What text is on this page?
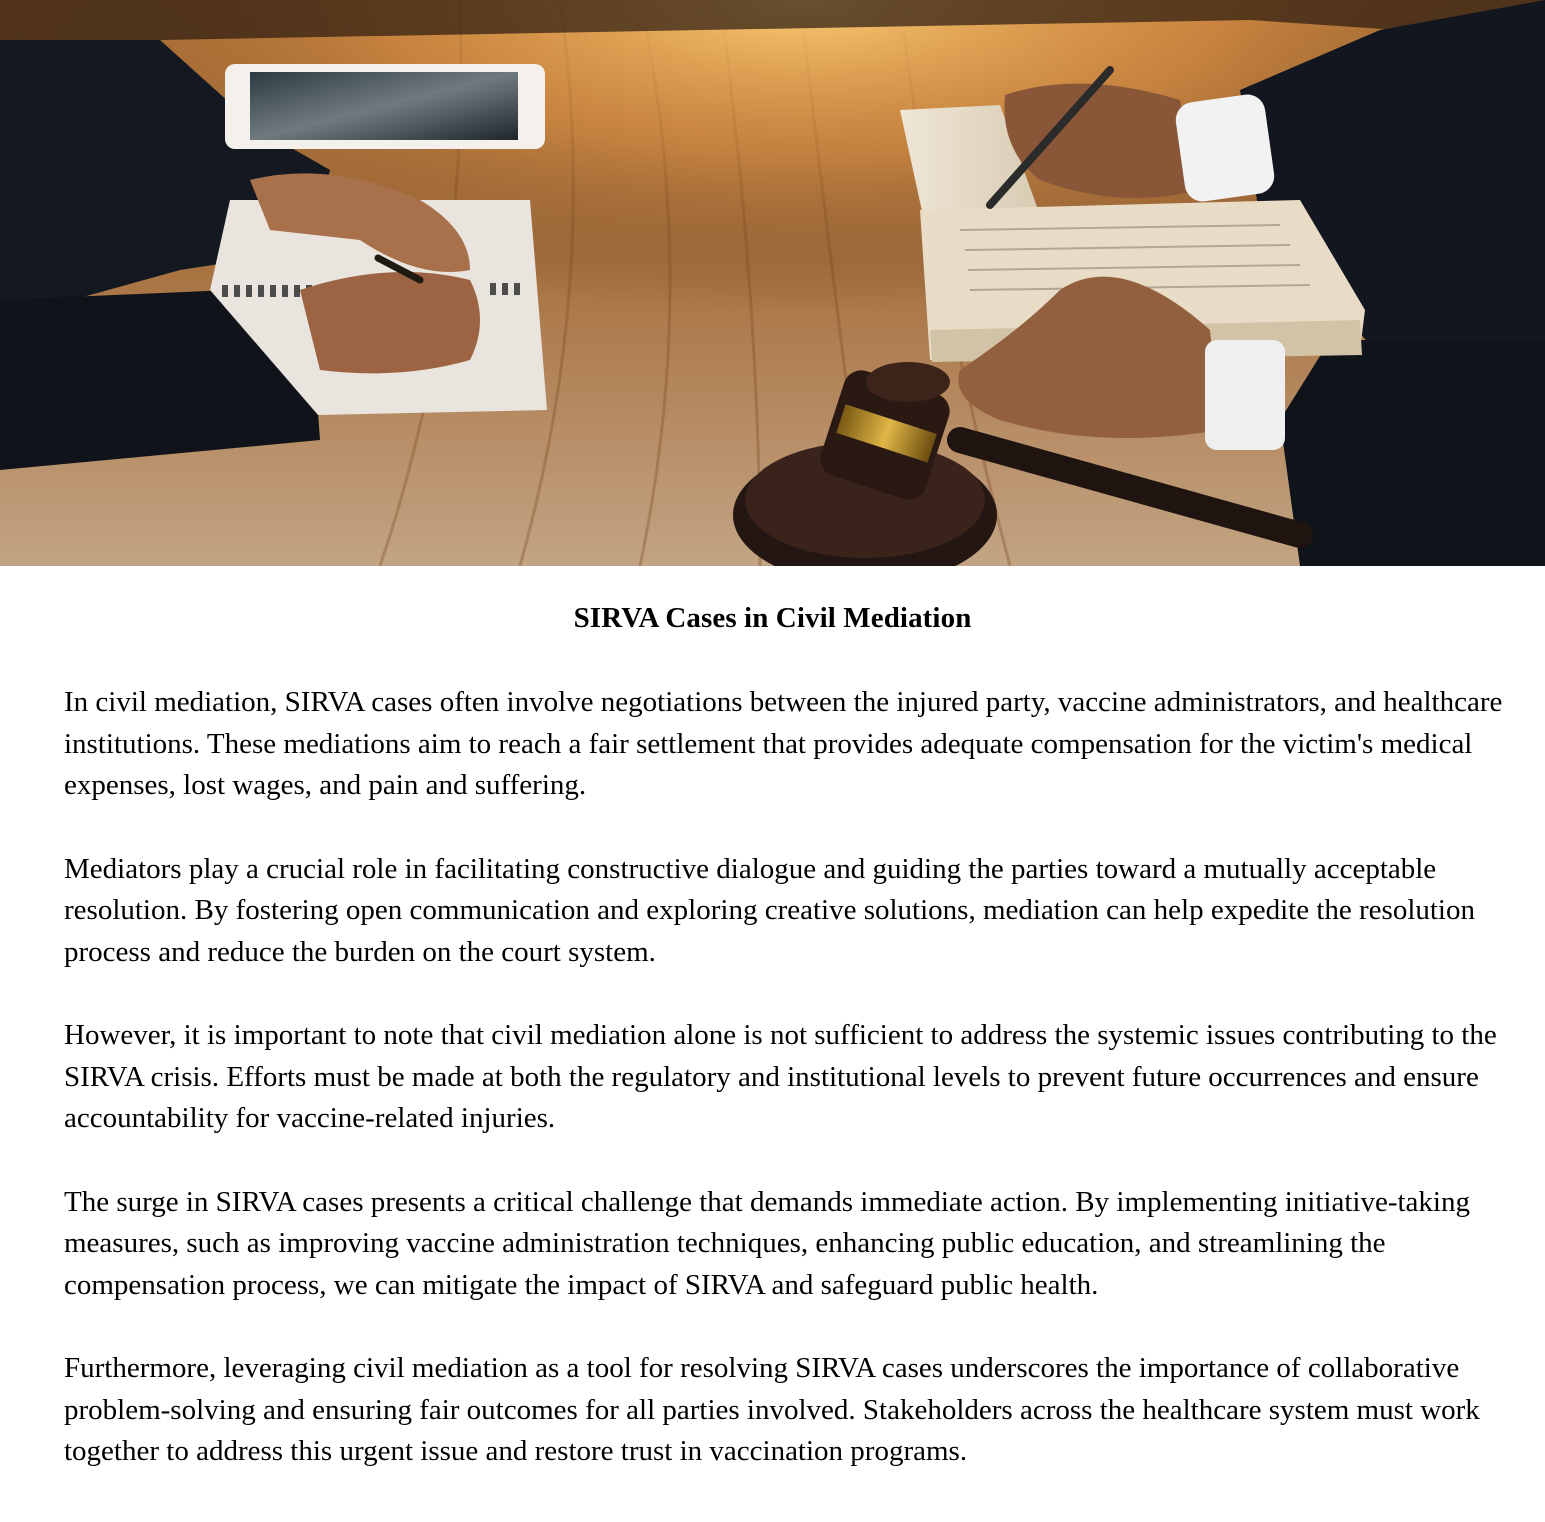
SIRVA Cases in Civil Mediation

In civil mediation, SIRVA cases often involve negotiations between the injured party, vaccine administrators, and healthcare institutions. These mediations aim to reach a fair settlement that provides adequate compensation for the victim's medical expenses, lost wages, and pain and suffering.

Mediators play a crucial role in facilitating constructive dialogue and guiding the parties toward a mutually acceptable resolution. By fostering open communication and exploring creative solutions, mediation can help expedite the resolution process and reduce the burden on the court system.

However, it is important to note that civil mediation alone is not sufficient to address the systemic issues contributing to the SIRVA crisis. Efforts must be made at both the regulatory and institutional levels to prevent future occurrences and ensure accountability for vaccine-related injuries.

The surge in SIRVA cases presents a critical challenge that demands immediate action. By implementing initiative-taking measures, such as improving vaccine administration techniques, enhancing public education, and streamlining the compensation process, we can mitigate the impact of SIRVA and safeguard public health.

Furthermore, leveraging civil mediation as a tool for resolving SIRVA cases underscores the importance of collaborative problem-solving and ensuring fair outcomes for all parties involved. Stakeholders across the healthcare system must work together to address this urgent issue and restore trust in vaccination programs.
